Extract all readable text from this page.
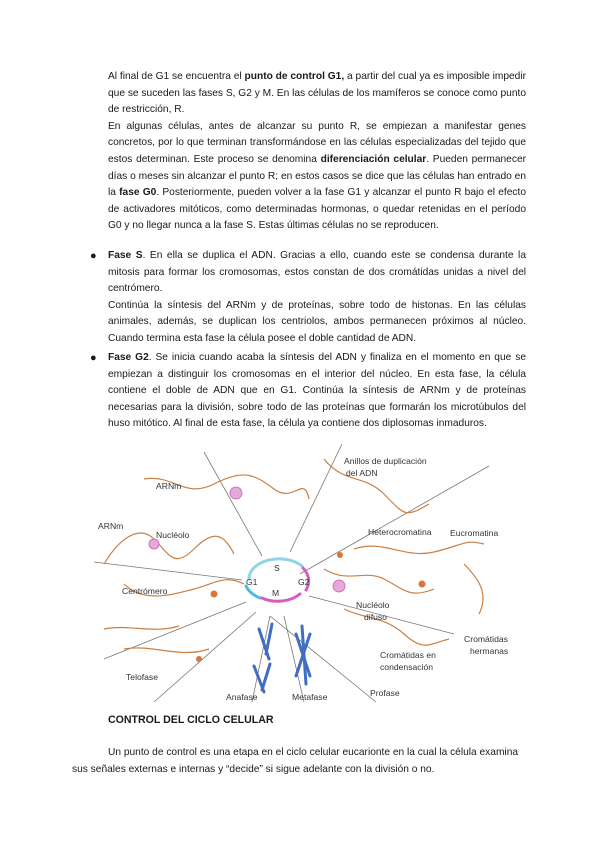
Al final de G1 se encuentra el punto de control G1, a partir del cual ya es imposible impedir que se suceden las fases S, G2 y M. En las células de los mamíferos se conoce como punto de restricción, R.
En algunas células, antes de alcanzar su punto R, se empiezan a manifestar genes concretos, por lo que terminan transformándose en las células especializadas del tejido que estos determinan. Este proceso se denomina diferenciación celular. Pueden permanecer días o meses sin alcanzar el punto R; en estos casos se dice que las células han entrado en la fase G0. Posteriormente, pueden volver a la fase G1 y alcanzar el punto R bajo el efecto de activadores mitóticos, como determinadas hormonas, o quedar retenidas en el período G0 y no llegar nunca a la fase S. Estas últimas células no se reproducen.

● Fase S. En ella se duplica el ADN. Gracias a ello, cuando este se condensa durante la mitosis para formar los cromosomas, estos constan de dos cromátidas unidas a nivel del centrómero.
Continúa la síntesis del ARNm y de proteínas, sobre todo de histonas. En las células animales, además, se duplican los centriolos, ambos permanecen próximos al núcleo. Cuando termina esta fase la célula posee el doble cantidad de ADN.

● Fase G2. Se inicia cuando acaba la síntesis del ADN y finaliza en el momento en que se empiezan a distinguir los cromosomas en el interior del núcleo. En esta fase, la célula contiene el doble de ADN que en G1. Continúa la síntesis de ARNm y de proteínas necesarias para la división, sobre todo de las proteínas que formarán los microtúbulos del huso mitótico. Al final de esta fase, la célula ya contiene dos diplosomas inmaduros.

S
G1	G2
M
ARNm
ARNm
Nucléolo
Centrómero
Anillos de duplicación
del ADN
Heterocromatina Eucromatina
Nucléolo
difuso
Cromátidas
hermanas
Cromátidas en
condensación
Telofase
Anafase	Metafase	Profase
CONTROL DEL CICLO CELULAR

Un punto de control es una etapa en el ciclo celular eucarionte en la cual la célula examina sus señales externas e internas y “decide” si sigue adelante con la división o no.
